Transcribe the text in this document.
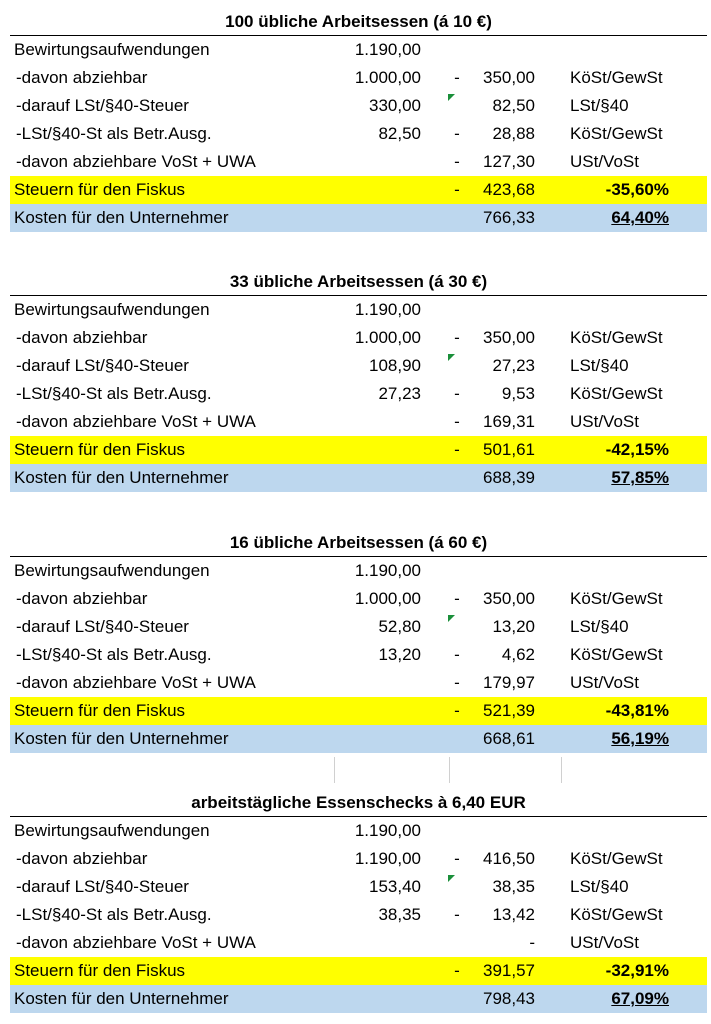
100 übliche Arbeitsessen (á 10 €)
Bewirtungsaufwendungen	1.190,00
-davon abziehbar	1.000,00 - 350,00 KöSt/GewSt
-darauf LSt/§40-Steuer	330,00	82,50 LSt/§40
-LSt/§40-St als Betr.Ausg.	82,50 - 28,88 KöSt/GewSt
-davon abziehbare VoSt + UWA	- 127,30 USt/VoSt
Steuern für den Fiskus	- 423,68	-35,60%
Kosten für den Unternehmer	766,33	64,40%
33 übliche Arbeitsessen (á 30 €)
Bewirtungsaufwendungen	1.190,00
-davon abziehbar	1.000,00 - 350,00 KöSt/GewSt
-darauf LSt/§40-Steuer	108,90	27,23 LSt/§40
-LSt/§40-St als Betr.Ausg.	27,23 - 9,53 KöSt/GewSt
-davon abziehbare VoSt + UWA	- 169,31 USt/VoSt
Steuern für den Fiskus	- 501,61	-42,15%
Kosten für den Unternehmer	688,39	57,85%
16 übliche Arbeitsessen (á 60 €)
Bewirtungsaufwendungen	1.190,00
-davon abziehbar	1.000,00 - 350,00 KöSt/GewSt
-darauf LSt/§40-Steuer	52,80	13,20 LSt/§40
-LSt/§40-St als Betr.Ausg.	13,20 - 4,62 KöSt/GewSt
-davon abziehbare VoSt + UWA	- 179,97 USt/VoSt
Steuern für den Fiskus	- 521,39	-43,81%
Kosten für den Unternehmer	668,61	56,19%
arbeitstägliche Essenschecks à 6,40 EUR
Bewirtungsaufwendungen	1.190,00
-davon abziehbar	1.190,00 - 416,50 KöSt/GewSt
-darauf LSt/§40-Steuer	153,40	38,35 LSt/§40
-LSt/§40-St als Betr.Ausg.	38,35 - 13,42 KöSt/GewSt
-davon abziehbare VoSt + UWA	- USt/VoSt
Steuern für den Fiskus	- 391,57	-32,91%
Kosten für den Unternehmer	798,43	67,09%
